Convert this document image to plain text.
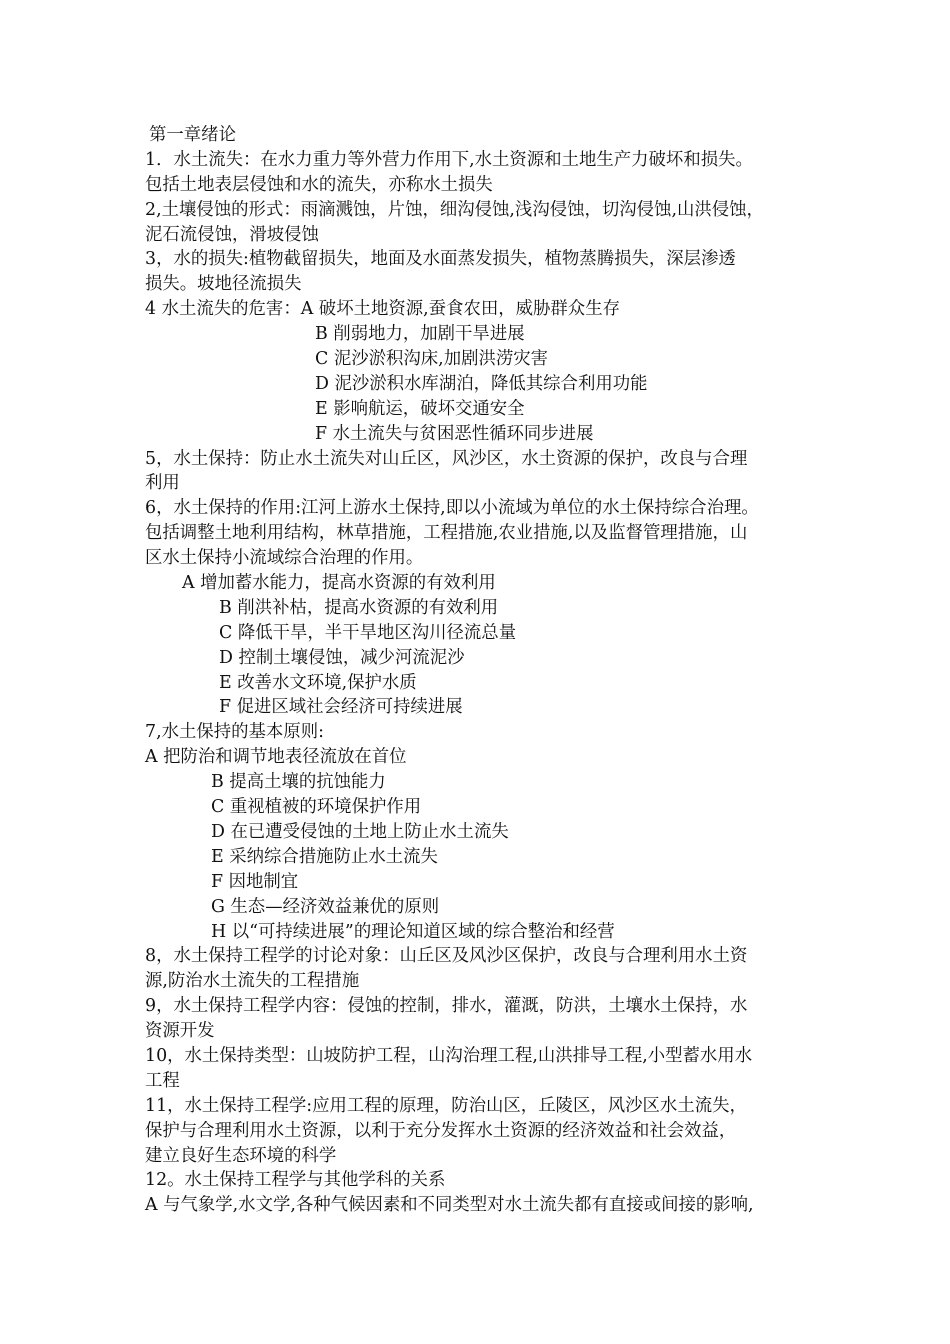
第一章绪论
1．水土流失：在水力重力等外营力作用下,水土资源和土地生产力破坏和损失。
包括土地表层侵蚀和水的流失，亦称水土损失
2,土壤侵蚀的形式：雨滴溅蚀，片蚀，细沟侵蚀,浅沟侵蚀，切沟侵蚀,山洪侵蚀，
泥石流侵蚀，滑坡侵蚀
3，水的损失:植物截留损失，地面及水面蒸发损失，植物蒸腾损失，深层渗透
损失。坡地径流损失
4 水土流失的危害：A 破坏土地资源,蚕食农田，威胁群众生存
B 削弱地力，加剧干旱进展
C 泥沙淤积沟床,加剧洪涝灾害
D 泥沙淤积水库湖泊，降低其综合利用功能
E 影响航运，破坏交通安全
F 水土流失与贫困恶性循环同步进展
5，水土保持：防止水土流失对山丘区，风沙区，水土资源的保护，改良与合理
利用
6，水土保持的作用:江河上游水土保持,即以小流域为单位的水土保持综合治理。
包括调整土地利用结构，林草措施，工程措施,农业措施,以及监督管理措施，山
区水土保持小流域综合治理的作用。
A 增加蓄水能力，提高水资源的有效利用
B 削洪补枯，提高水资源的有效利用
C 降低干旱，半干旱地区沟川径流总量
D 控制土壤侵蚀，减少河流泥沙
E 改善水文环境,保护水质
F 促进区域社会经济可持续进展
7,水土保持的基本原则:
A 把防治和调节地表径流放在首位
B 提高土壤的抗蚀能力
C 重视植被的环境保护作用
D 在已遭受侵蚀的土地上防止水土流失
E 采纳综合措施防止水土流失
F 因地制宜
G 生态—经济效益兼优的原则
H 以“可持续进展”的理论知道区域的综合整治和经营
8，水土保持工程学的讨论对象：山丘区及风沙区保护，改良与合理利用水土资
源,防治水土流失的工程措施
9，水土保持工程学内容：侵蚀的控制，排水，灌溉，防洪，土壤水土保持，水
资源开发
10，水土保持类型：山坡防护工程，山沟治理工程,山洪排导工程,小型蓄水用水
工程
11，水土保持工程学:应用工程的原理，防治山区，丘陵区，风沙区水土流失，
保护与合理利用水土资源，以利于充分发挥水土资源的经济效益和社会效益，
建立良好生态环境的科学
12。水土保持工程学与其他学科的关系
A 与气象学,水文学,各种气候因素和不同类型对水土流失都有直接或间接的影响,
